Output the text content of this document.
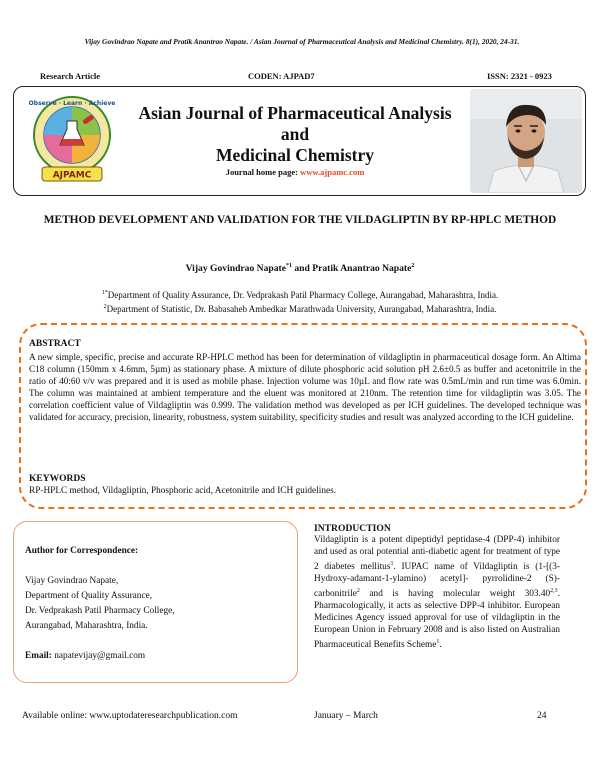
Vijay Govindrao Napate and Pratik Anantrao Napate. / Asian Journal of Pharmaceutical Analysis and Medicinal Chemistry. 8(1), 2020, 24-31.
Research Article	CODEN: AJPAD7	ISSN: 2321 - 0923
Observe · Learn · Achieve
AJPAMC
Asian Journal of Pharmaceutical Analysis
and
Medicinal Chemistry
Journal home page: www.ajpamc.com
METHOD DEVELOPMENT AND VALIDATION FOR THE VILDAGLIPTIN BY RP-HPLC METHOD
Vijay Govindrao Napate$^{*1}$ and Pratik Anantrao Napate$^2$
$^{1*}$Department of Quality Assurance, Dr. Vedprakash Patil Pharmacy College, Aurangabad, Maharashtra, India.
$^2$Department of Statistic, Dr. Babasaheb Ambedkar Marathwada University, Aurangabad, Maharashtra, India.
ABSTRACT
A new simple, specific, precise and accurate RP-HPLC method has been for determination of vildagliptin in pharmaceutical dosage form. An Altima C18 column (150mm x 4.6mm, 5µm) as stationary phase. A mixture of dilute phosphoric acid solution pH 2.6±0.5 as buffer and acetonitrile in the ratio of 40:60 v/v was prepared and it is used as mobile phase. Injection volume was 10µL and flow rate was 0.5mL/min and run time was 6.0min. The column was maintained at ambient temperature and the eluent was monitored at 210nm. The retention time for vildagliptin was 3.05. The correlation coefficient value of Vildagliptin was 0.999. The validation method was developed as per ICH guidelines. The developed technique was validated for accuracy, precision, linearity, robustness, system suitability, specificity studies and result was analyzed according to the ICH guideline.
KEYWORDS
RP-HPLC method, Vildagliptin, Phosphoric acid, Acetonitrile and ICH guidelines.
Author for Correspondence:
Vijay Govindrao Napate,
Department of Quality Assurance,
Dr. Vedprakash Patil Pharmacy College,
Aurangabad, Maharashtra, India.
Email: napatevijay@gmail.com
INTRODUCTION
Vildagliptin is a potent dipeptidyl peptidase-4 (DPP-4) inhibitor and used as oral potential anti-diabetic agent for treatment of type 2 diabetes mellitus$^1$. IUPAC name of Vildagliptin is (1-[(3-Hydroxy-adamant-1-ylamino) acetyl]- pyrrolidine-2 (S)- carbonitrile$^2$ and is having molecular weight 303.40$^{2,3}$. Pharmacologically, it acts as selective DPP-4 inhibitor. European Medicines Agency issued approval for use of vildagliptin in the European Union in February 2008 and is also listed on Australian Pharmaceutical Benefits Scheme$^1$.
Available online: www.uptodateresearchpublication.com	January – March	24
